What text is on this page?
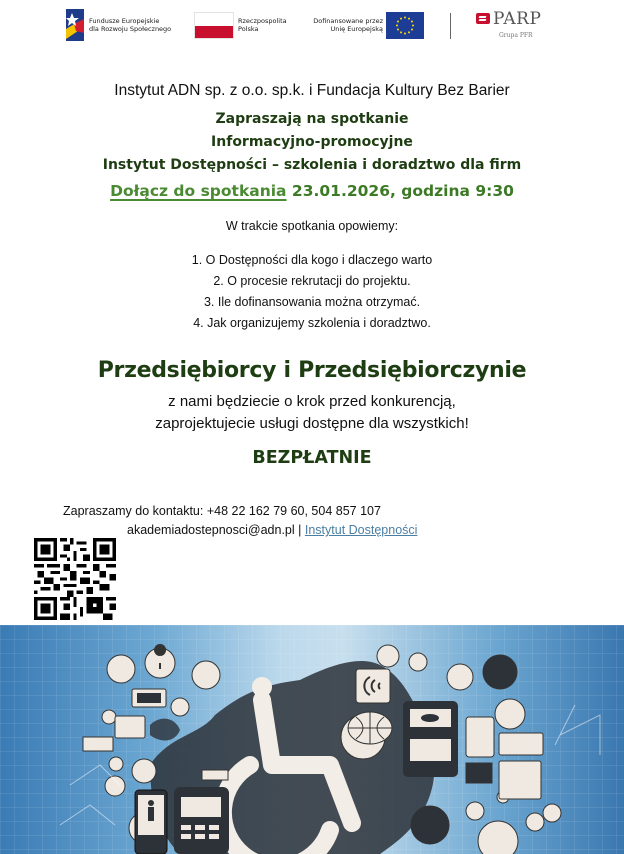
Fundusze Europejskie
dla Rozwoju Społecznego
Rzeczpospolita
Polska
Dofinansowane przez
Unię Europejską	PARP
Grupa PFR
Instytut ADN sp. z o.o. sp.k. i Fundacja Kultury Bez Barier
Zapraszają na spotkanie
Informacyjno-promocyjne
Instytut Dostępności – szkolenia i doradztwo dla firm
Dołącz do spotkania 23.01.2026, godzina 9:30
W trakcie spotkania opowiemy:
1. O Dostępności dla kogo i dlaczego warto
2. O procesie rekrutacji do projektu.
3. Ile dofinansowania można otrzymać.
4. Jak organizujemy szkolenia i doradztwo.
Przedsiębiorcy i Przedsiębiorczynie
z nami będziecie o krok przed konkurencją,
zaprojektujecie usługi dostępne dla wszystkich!
BEZPŁATNIE
Zapraszamy do kontaktu: +48 22 162 79 60, 504 857 107
akademiadostepnosci@adn.pl | Instytut Dostępności
